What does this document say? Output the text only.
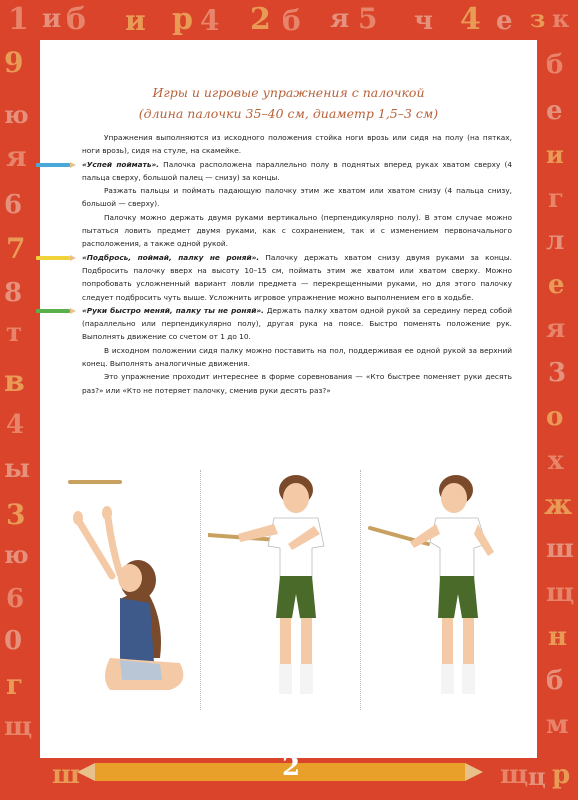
1 и б и р 4 2 б я 5 ч 4 е з к
9
ю
я
6
7
8
т
в
4
ы
3
ю
6
0
г
щ
ш	щ ц р
б
е
и
г
л
е
я
3
о
х
ж
ш
щ
н
б
м
Игры и игровые упражнения с палочкой
(длина палочки 35–40 см, диаметр 1,5–3 см)

Упражнения выполняются из исходного положения стойка ноги врозь или сидя на полу (на пятках, ноги врозь), сидя на стуле, на скамейке.

«Успей поймать». Палочка расположена параллельно полу в поднятых вперед руках хватом сверху (4 пальца сверху, большой палец — снизу) за концы.

Разжать пальцы и поймать падающую палочку этим же хватом или хватом снизу (4 пальца снизу, большой — сверху).

Палочку можно держать двумя руками вертикально (перпендикулярно полу). В этом случае можно пытаться ловить предмет двумя руками, как с сохранением, так и с изменением первоначального расположения, а также одной рукой.

«Подбрось, поймай, палку не роняй». Палочку держать хватом снизу двумя руками за концы. Подбросить палочку вверх на высоту 10–15 см, поймать этим же хватом или хватом сверху. Можно попробовать усложненный вариант ловли предмета — перекрещенными руками, но для этого палочку следует подбросить чуть выше. Усложнить игровое упражнение можно выполнением его в ходьбе.

«Руки быстро меняй, палку ты не роняй». Держать палку хватом одной рукой за середину перед собой (параллельно или перпендикулярно полу), другая рука на поясе. Быстро поменять положение рук. Выполнять движение со счетом от 1 до 10.

В исходном положении сидя палку можно поставить на пол, поддерживая ее одной рукой за верхний конец. Выполнять аналогичные движения.

Это упражнение проходит интереснее в форме соревнования — «Кто быстрее поменяет руки десять раз?» или «Кто не потеряет палочку, сменив руки десять раз?»

2
